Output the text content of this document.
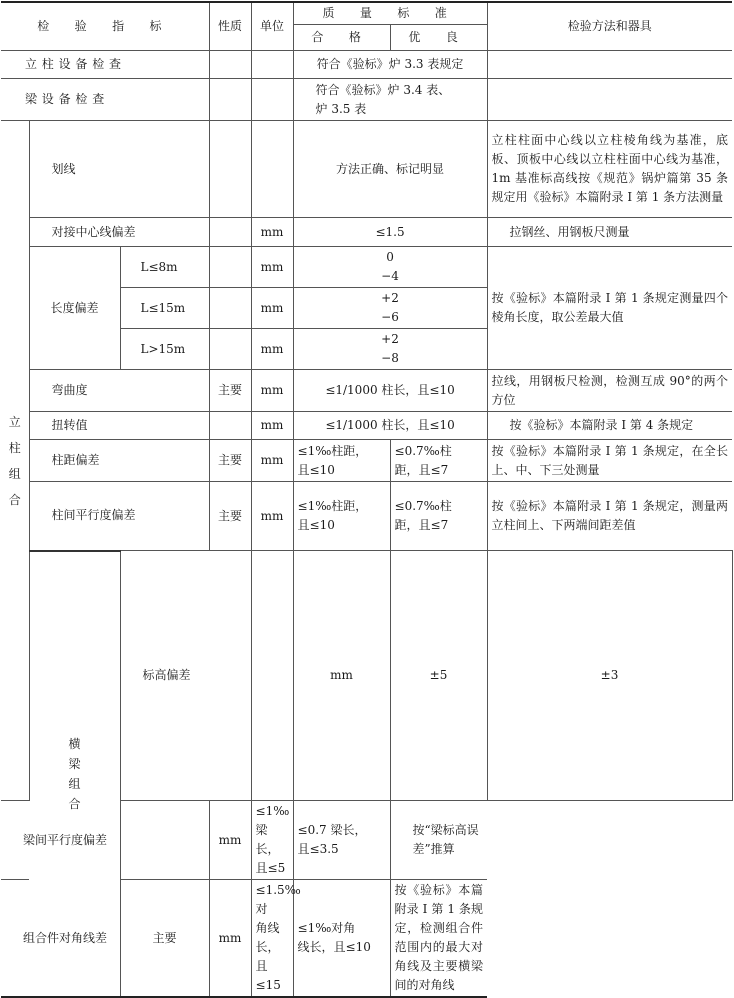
检 验 指 标			性质	单位	质 量 标 准		检验方法和器具	
					合 格	优 良		
立柱设备检查					符合《验标》炉 3.3 表规定			
梁设备检查					符合《验标》炉 3.4 表、
炉 3.5 表			
立
柱
组
合	划线				方法正确、标记明显		立柱柱面中心线以立柱棱角线为基准，底板、顶板中心线以立柱柱面中心线为基准，1m 基准标高线按《规范》锅炉篇第 35 条规定用《验标》本篇附录 Ⅰ 第 1 条方法测量	
	对接中心线偏差			mm	≤1.5		拉钢丝、用钢板尺测量	
	长度偏差	L≤8m		mm	0
−4		按《验标》本篇附录 Ⅰ 第 1 条规定测量四个棱角长度，取公差最大值	
		L≤15m		mm	+2
−6			
		L>15m		mm	+2
−8			
	弯曲度		主要	mm	≤1/1000 柱长，且≤10		拉线，用钢板尺检测，检测互成 90°的两个方位	
	扭转值			mm	≤1/1000 柱长，且≤10		按《验标》本篇附录 Ⅰ 第 4 条规定	
	柱距偏差		主要	mm	≤1‰柱距，
且≤10	≤0.7‰柱
距，且≤7	按《验标》本篇附录 Ⅰ 第 1 条规定，在全长上、中、下三处测量	
	柱间平行度偏差		主要	mm	≤1‰柱距，
且≤10	≤0.7‰柱
距，且≤7	按《验标》本篇附录 Ⅰ 第 1 条规定，测量两立柱间上、下两端间距差值	
	横
梁
组
合	标高偏差			mm	±5	±3	
梁间平行度偏差			mm	≤1‰梁长，
且≤5	≤0.7 梁长，
且≤3.5	按“梁标高误差”推算		
组合件对角线差		主要	mm	≤1.5‰对
角线长，且
≤15	≤1‰对角
线长，且≤10	按《验标》本篇附录 Ⅰ 第 1 条规定，检测组合件范围内的最大对角线及主要横梁间的对角线		
